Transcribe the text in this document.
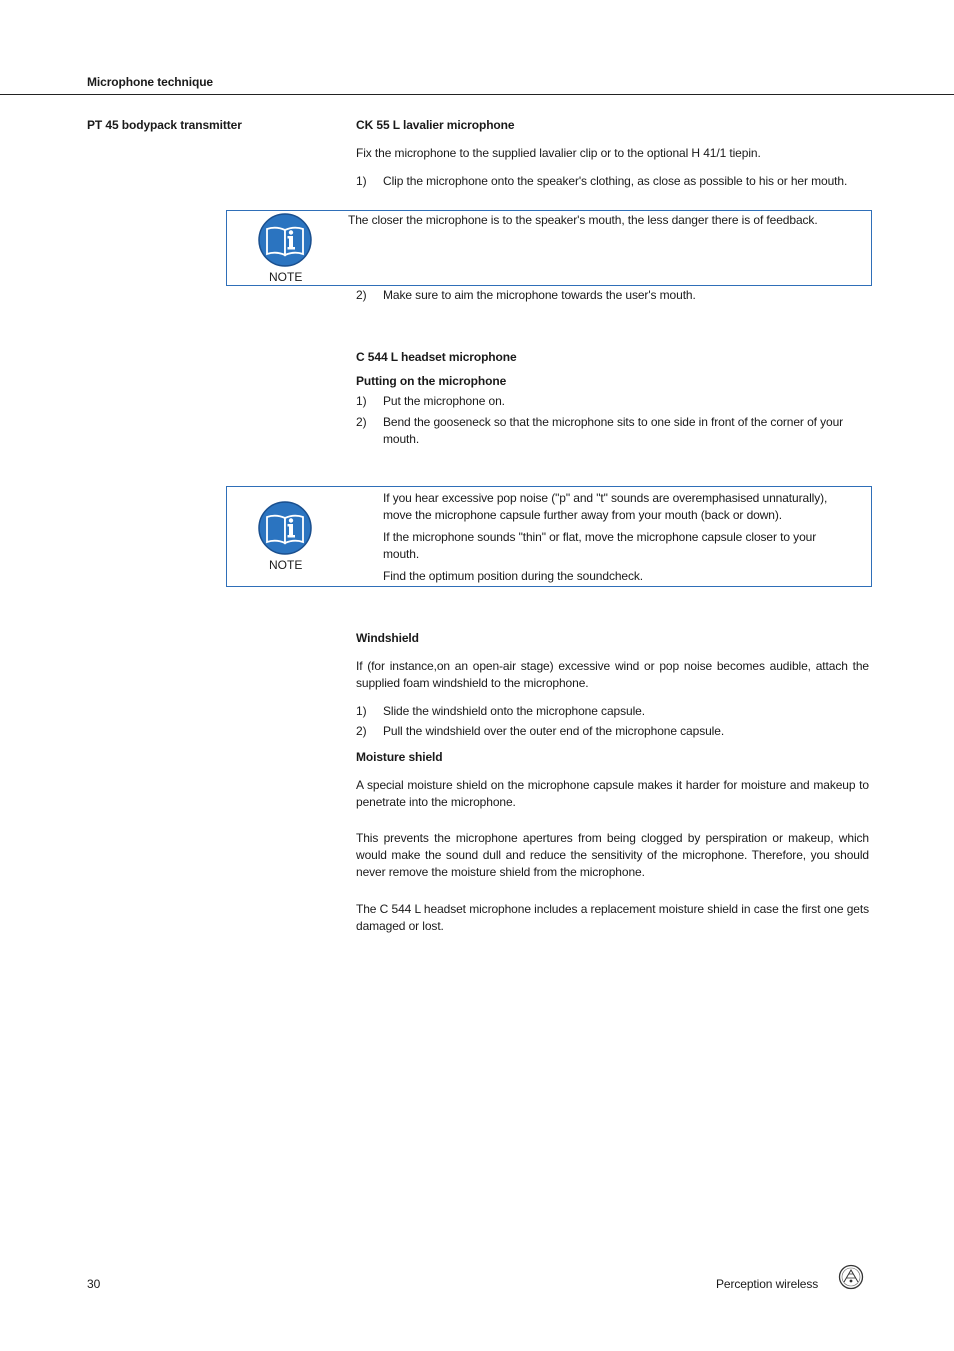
Microphone technique
PT 45 bodypack transmitter	CK 55 L lavalier microphone
Fix the microphone to the supplied lavalier clip or to the optional H 41/1 tiepin.
1) Clip the microphone onto the speaker's clothing, as close as possible to his or her mouth.
NOTE
The closer the microphone is to the speaker's mouth, the less danger there is of feedback.
2) Make sure to aim the microphone towards the user's mouth.
C 544 L headset microphone
Putting on the microphone
1) Put the microphone on.
2) Bend the gooseneck so that the microphone sits to one side in front of the corner of your mouth.
NOTE
If you hear excessive pop noise ("p" and "t" sounds are overemphasised unnaturally), move the microphone capsule further away from your mouth (back or down).
If the microphone sounds "thin" or flat, move the microphone capsule closer to your mouth.
Find the optimum position during the soundcheck.
Windshield
If (for instance,on an open-air stage) excessive wind or pop noise becomes audible, attach the supplied foam windshield to the microphone.
1) Slide the windshield onto the microphone capsule.
2) Pull the windshield over the outer end of the microphone capsule.
Moisture shield
A special moisture shield on the microphone capsule makes it harder for moisture and makeup to penetrate into the microphone.
This prevents the microphone apertures from being clogged by perspiration or makeup, which would make the sound dull and reduce the sensitivity of the microphone. Therefore, you should never remove the moisture shield from the microphone.
The C 544 L headset microphone includes a replacement moisture shield in case the first one gets damaged or lost.
30	Perception wireless
